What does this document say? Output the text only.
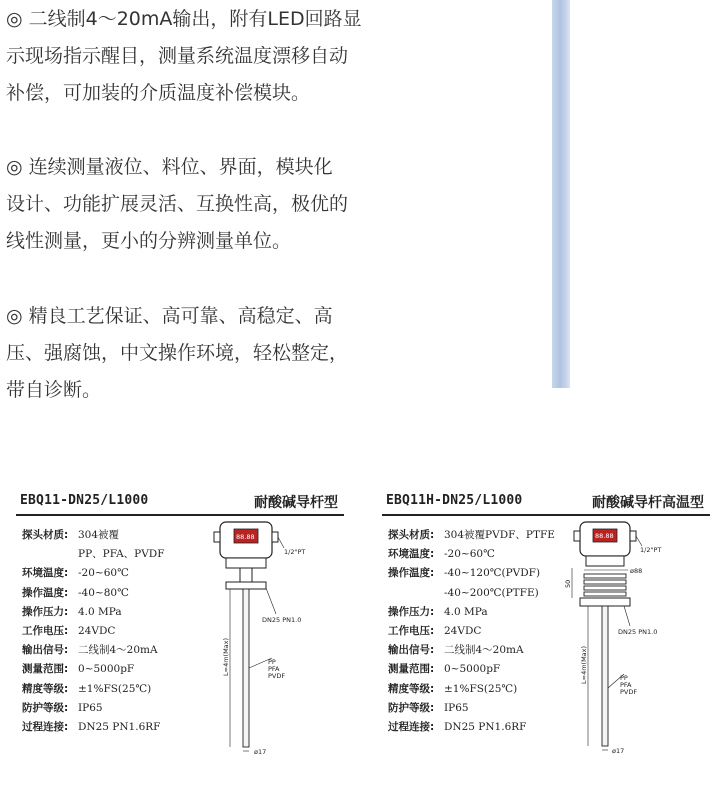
◎ 二线制4～20mA输出，附有LED回路显

示现场指示醒目，测量系统温度漂移自动

补偿，可加装的介质温度补偿模块。

◎ 连续测量液位、料位、界面，模块化

设计、功能扩展灵活、互换性高，极优的

线性测量，更小的分辨测量单位。

◎ 精良工艺保证、高可靠、高稳定、高

压、强腐蚀，中文操作环境，轻松整定，

带自诊断。

EBQ11-DN25/L1000	耐酸碱导杆型
探头材质: 304被覆
PP、PFA、PVDF
环境温度: -20~60℃
操作温度: -40~80℃
操作压力: 4.0 MPa
工作电压: 24VDC
输出信号: 二线制4～20mA
测量范围: 0~5000pF
精度等级: ±1%FS(25℃)
防护等级: IP65
过程连接: DN25 PN1.6RF
88.88
1/2"PT
DN25 PN1.0
L=4m(Max)	PP
PFA
PVDF
ø17
EBQ11H-DN25/L1000	耐酸碱导杆高温型
探头材质: 304被覆PVDF、PTFE
环境温度: -20~60℃
操作温度: -40~120℃(PVDF)
-40~200℃(PTFE)
操作压力: 4.0 MPa
工作电压: 24VDC
输出信号: 二线制4～20mA
测量范围: 0~5000pF
精度等级: ±1%FS(25℃)
防护等级: IP65
过程连接: DN25 PN1.6RF
88.88
1/2"PT
ø88
50
DN25 PN1.0
L=4m(Max)	PP
PFA
PVDF
ø17
